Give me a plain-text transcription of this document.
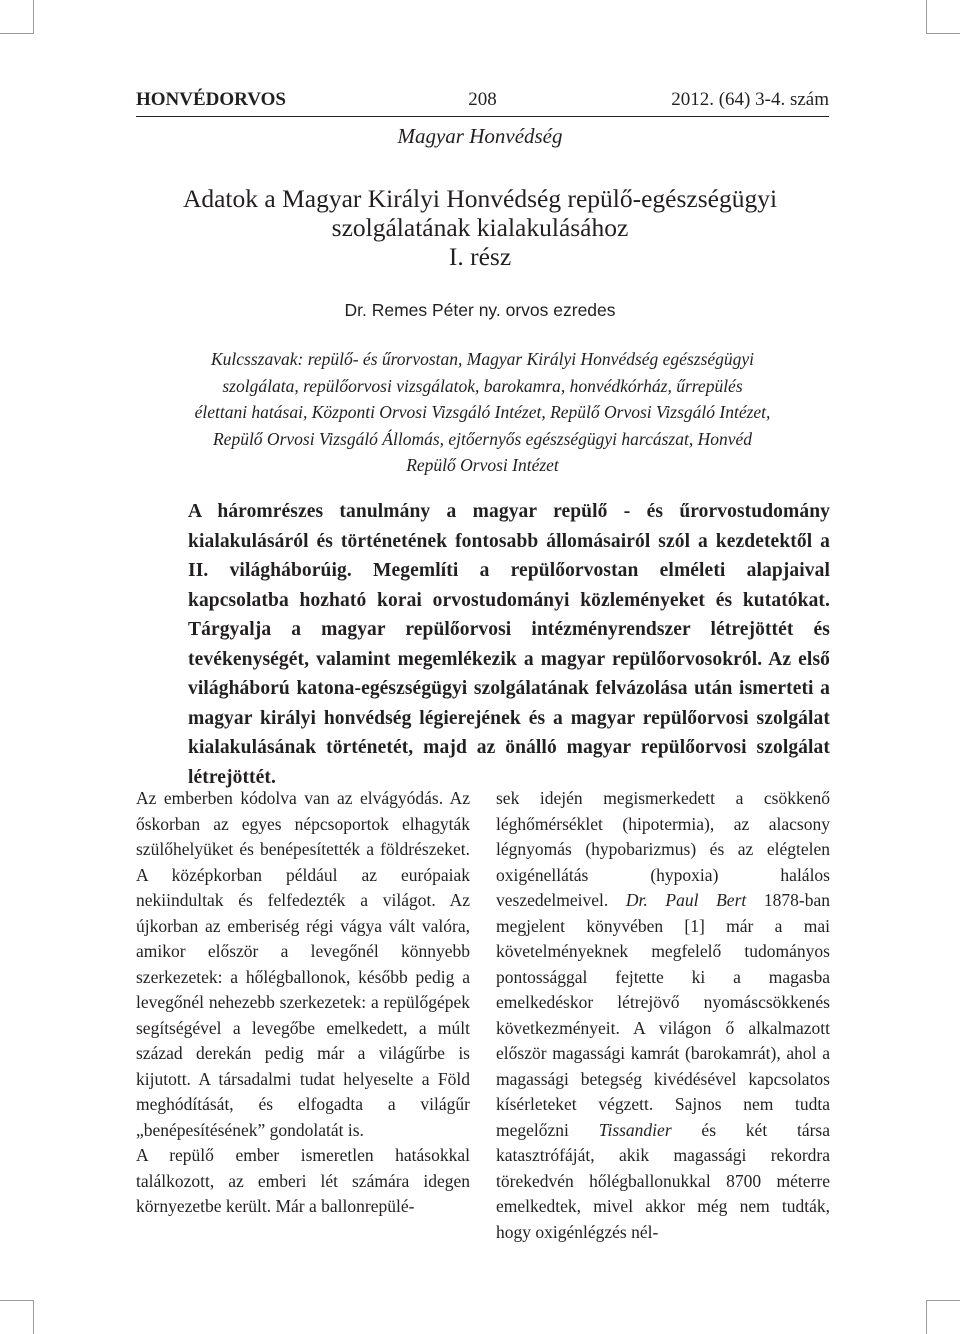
HONVÉDORVOS	208	2012. (64) 3-4. szám
Magyar Honvédség
Adatok a Magyar Királyi Honvédség repülő-egészségügyi
szolgálatának kialakulásához
I. rész
Dr. Remes Péter ny. orvos ezredes
Kulcsszavak: repülő- és űrorvostan, Magyar Királyi Honvédség egészségügyi
szolgálata, repülőorvosi vizsgálatok, barokamra, honvédkórház, űrrepülés
élettani hatásai, Központi Orvosi Vizsgáló Intézet, Repülő Orvosi Vizsgáló Intézet,
Repülő Orvosi Vizsgáló Állomás, ejtőernyős egészségügyi harcászat, Honvéd
Repülő Orvosi Intézet

A háromrészes tanulmány a magyar repülő - és űrorvostudomány kialakulásáról és történetének fontosabb állomásairól szól a kezdetektől a II. világháborúig. Megemlíti a repülőorvostan elméleti alapjaival kapcsolatba hozható korai orvostudományi közleményeket és kutatókat. Tárgyalja a magyar repülőorvosi intézményrendszer létrejöttét és tevékenységét, valamint megemlékezik a magyar repülőorvosokról. Az első világháború katona-egészségügyi szolgálatának felvázolása után ismerteti a magyar királyi honvédség légierejének és a magyar repülőorvosi szolgálat kialakulásának történetét, majd az önálló magyar repülőorvosi szolgálat létrejöttét.

Az emberben kódolva van az elvágyódás. Az őskorban az egyes népcsoportok elhagyták szülőhelyüket és benépesítették a földrészeket. A középkorban például az európaiak nekiindultak és felfedezték a világot. Az újkorban az emberiség régi vágya vált valóra, amikor először a levegőnél könnyebb szerkezetek: a hőlégballonok, később pedig a levegőnél nehezebb szerkezetek: a repülőgépek segítségével a levegőbe emelkedett, a múlt század derekán pedig már a világűrbe is kijutott. A társadalmi tudat helyeselte a Föld meghódítását, és elfogadta a világűr „benépesítésének” gondolatát is.

A repülő ember ismeretlen hatásokkal találkozott, az emberi lét számára idegen környezetbe került. Már a ballonrepülé-

sek idején megismerkedett a csökkenő léghőmérséklet (hipotermia), az alacsony légnyomás (hypobarizmus) és az elégtelen oxigénellátás (hypoxia) halálos veszedelmeivel. Dr. Paul Bert 1878-ban megjelent könyvében [1] már a mai követelményeknek megfelelő tudományos pontossággal fejtette ki a magasba emelkedéskor létrejövő nyomáscsökkenés következményeit. A világon ő alkalmazott először magassági kamrát (barokamrát), ahol a magassági betegség kivédésével kapcsolatos kísérleteket végzett. Sajnos nem tudta megelőzni Tissandier és két társa katasztrófáját, akik magassági rekordra törekedvén hőlégballonukkal 8700 méterre emelkedtek, mivel akkor még nem tudták, hogy oxigénlégzés nél-
